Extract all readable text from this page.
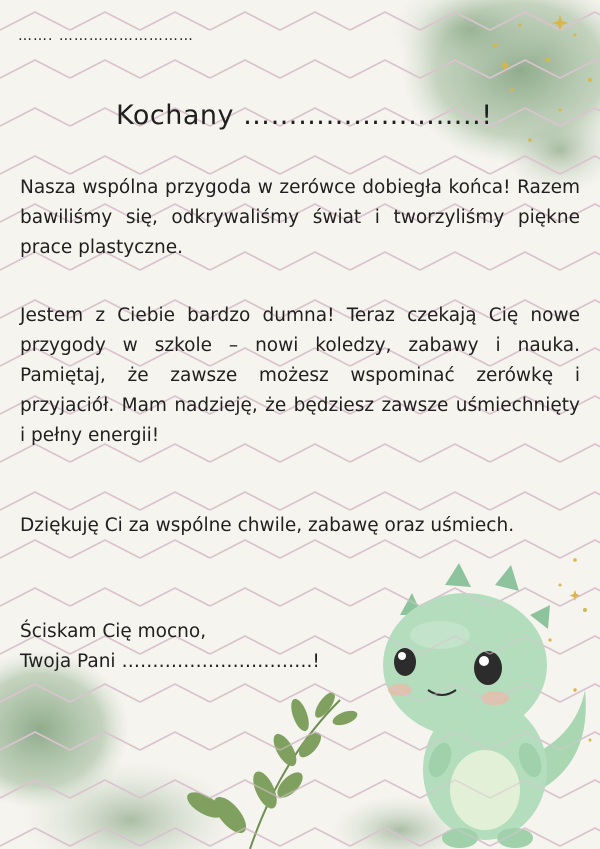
……. ………………………
Kochany ……………………..!
Nasza wspólna przygoda w zerówce dobiegła końca! Razem bawiliśmy się, odkrywaliśmy świat i tworzyliśmy piękne prace plastyczne.
Jestem z Ciebie bardzo dumna! Teraz czekają Cię nowe przygody w szkole – nowi koledzy, zabawy i nauka. Pamiętaj, że zawsze możesz wspominać zerówkę i przyjaciół. Mam nadzieję, że będziesz zawsze uśmiechnięty i pełny energii!
Dziękuję Ci za wspólne chwile, zabawę oraz uśmiech.
Ściskam Cię mocno,
Twoja Pani ………………………….!
